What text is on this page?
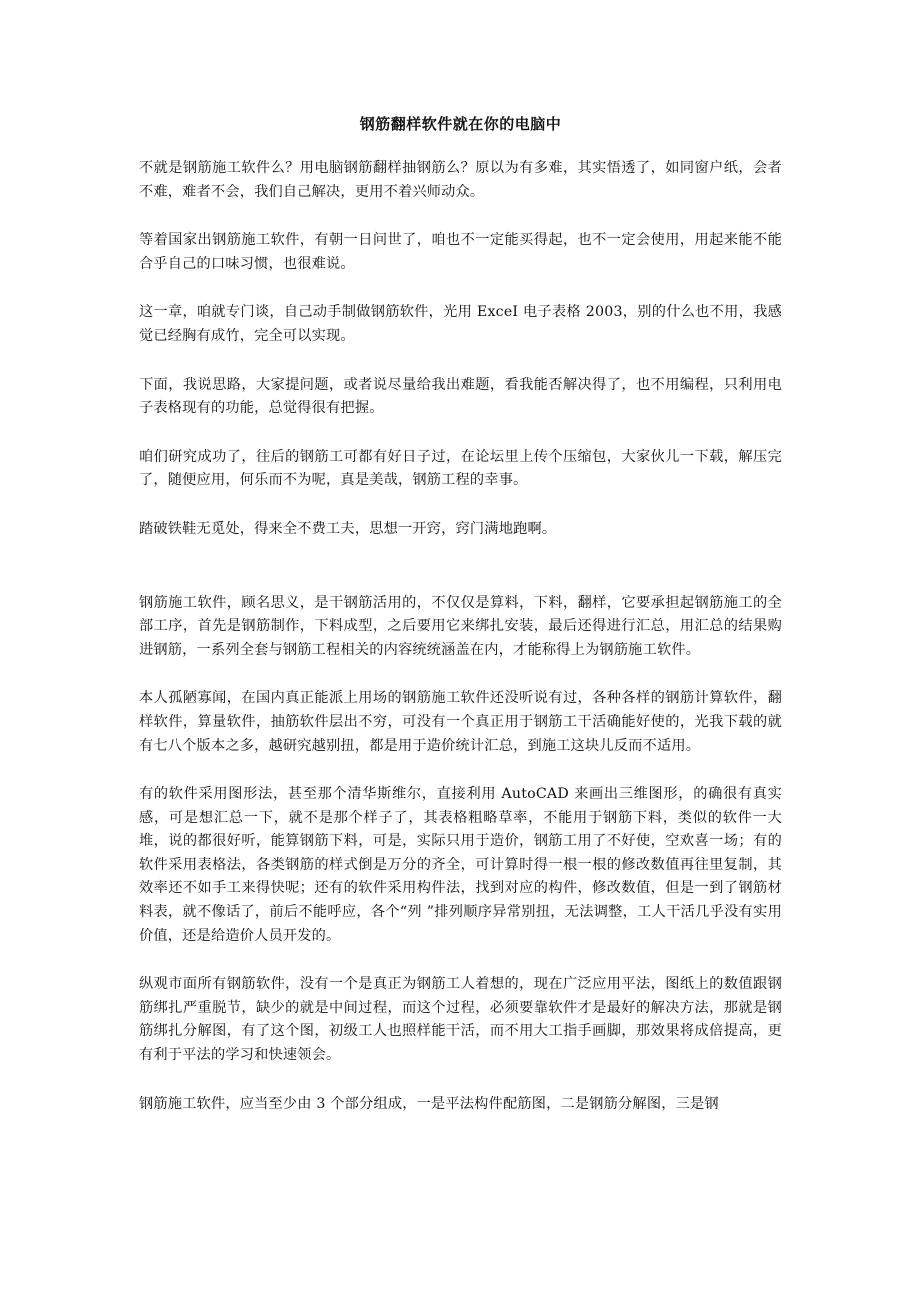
钢筋翻样软件就在你的电脑中

不就是钢筋施工软件么？用电脑钢筋翻样抽钢筋么？原以为有多难，其实悟透了，如同窗户纸，会者不难，难者不会，我们自己解决，更用不着兴师动众。

等着国家出钢筋施工软件，有朝一日问世了，咱也不一定能买得起，也不一定会使用，用起来能不能合乎自己的口味习惯，也很难说。

这一章，咱就专门谈，自己动手制做钢筋软件，光用 ExceI 电子表格 2003，别的什么也不用，我感觉已经胸有成竹，完全可以实现。

下面，我说思路，大家提问题，或者说尽量给我出难题，看我能否解决得了，也不用编程，只利用电子表格现有的功能，总觉得很有把握。

咱们研究成功了，往后的钢筋工可都有好日子过，在论坛里上传个压缩包，大家伙儿一下载，解压完了，随便应用，何乐而不为呢，真是美哉，钢筋工程的幸事。

踏破铁鞋无觅处，得来全不费工夫，思想一开窍，窍门满地跑啊。

钢筋施工软件，顾名思义，是干钢筋活用的，不仅仅是算料，下料，翻样，它要承担起钢筋施工的全部工序，首先是钢筋制作，下料成型，之后要用它来绑扎安装，最后还得进行汇总，用汇总的结果购进钢筋，一系列全套与钢筋工程相关的内容统统涵盖在内，才能称得上为钢筋施工软件。

本人孤陋寡闻，在国内真正能派上用场的钢筋施工软件还没听说有过，各种各样的钢筋计算软件，翻样软件，算量软件，抽筋软件层出不穷，可没有一个真正用于钢筋工干活确能好使的，光我下载的就有七八个版本之多，越研究越别扭，都是用于造价统计汇总，到施工这块儿反而不适用。

有的软件采用图形法，甚至那个清华斯维尔，直接利用 AutoCAD 来画出三维图形，的确很有真实感，可是想汇总一下，就不是那个样子了，其表格粗略草率，不能用于钢筋下料，类似的软件一大堆，说的都很好听，能算钢筋下料，可是，实际只用于造价，钢筋工用了不好使，空欢喜一场；有的软件采用表格法，各类钢筋的样式倒是万分的齐全，可计算时得一根一根的修改数值再往里复制，其效率还不如手工来得快呢；还有的软件采用构件法，找到对应的构件，修改数值，但是一到了钢筋材料表，就不像话了，前后不能呼应，各个“列 ”排列顺序异常别扭，无法调整，工人干活几乎没有实用价值，还是给造价人员开发的。

纵观市面所有钢筋软件，没有一个是真正为钢筋工人着想的，现在广泛应用平法，图纸上的数值跟钢筋绑扎严重脱节，缺少的就是中间过程，而这个过程，必须要靠软件才是最好的解决方法，那就是钢筋绑扎分解图，有了这个图，初级工人也照样能干活，而不用大工指手画脚，那效果将成倍提高，更有利于平法的学习和快速领会。

钢筋施工软件，应当至少由 3 个部分组成，一是平法构件配筋图，二是钢筋分解图，三是钢
